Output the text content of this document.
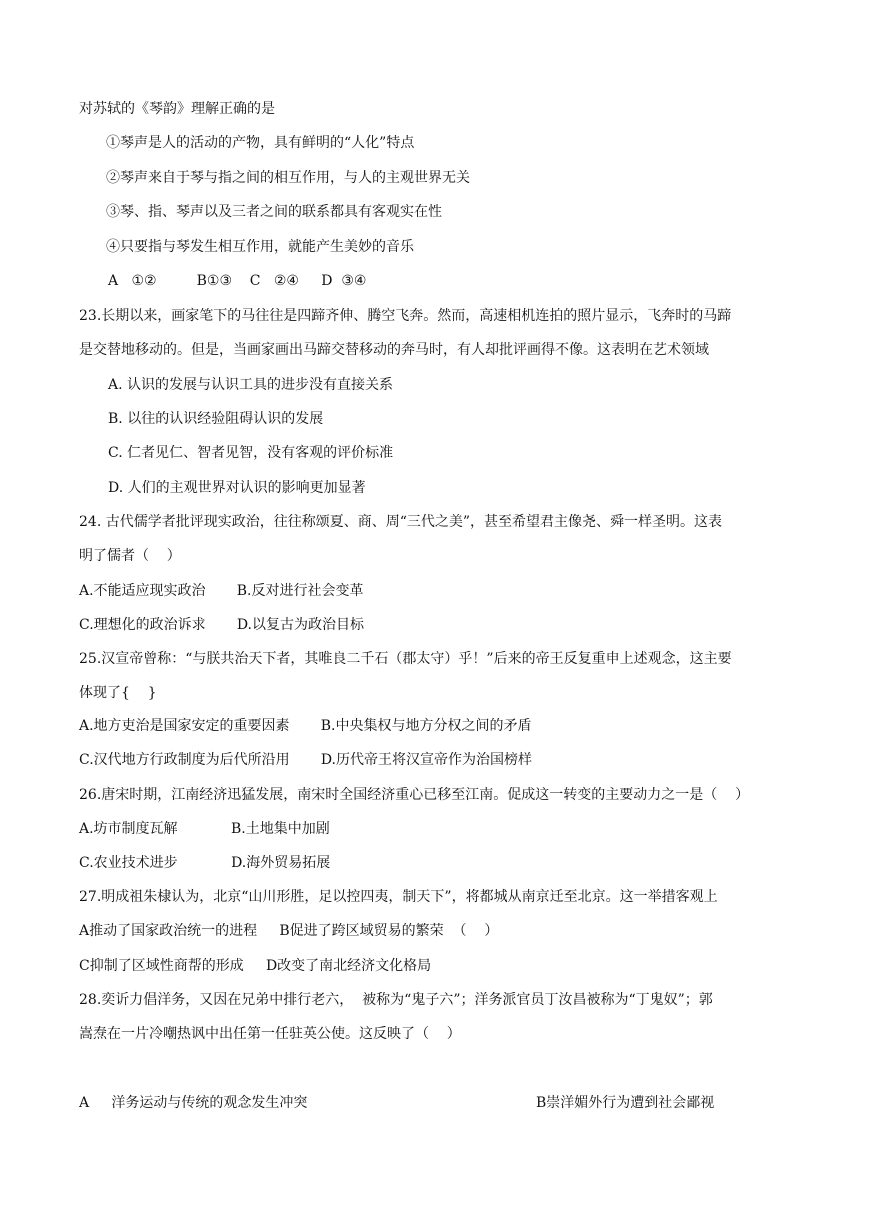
对苏轼的《琴韵》理解正确的是
①琴声是人的活动的产物，具有鲜明的“人化”特点
②琴声来自于琴与指之间的相互作用，与人的主观世界无关
③琴、指、琴声以及三者之间的联系都具有客观实在性
④只要指与琴发生相互作用，就能产生美妙的音乐
A   ①②         B①③    C   ②④     D  ③④
23.长期以来，画家笔下的马往往是四蹄齐伸、腾空飞奔。然而，高速相机连拍的照片显示，飞奔时的马蹄
是交替地移动的。但是，当画家画出马蹄交替移动的奔马时，有人却批评画得不像。这表明在艺术领域
A. 认识的发展与认识工具的进步没有直接关系
B. 以往的认识经验阻碍认识的发展
C. 仁者见仁、智者见智，没有客观的评价标准
D. 人们的主观世界对认识的影响更加显著
24. 古代儒学者批评现实政治，往往称颂夏、商、周“三代之美”，甚至希望君主像尧、舜一样圣明。这表
明了儒者（    ）
A.不能适应现实政治       B.反对进行社会变革
C.理想化的政治诉求       D.以复古为政治目标
25.汉宣帝曾称：“与朕共治天下者，其唯良二千石（郡太守）乎！”后来的帝王反复重申上述观念，这主要
体现了{    }
A.地方吏治是国家安定的重要因素       B.中央集权与地方分权之间的矛盾
C.汉代地方行政制度为后代所沿用       D.历代帝王将汉宣帝作为治国榜样
26.唐宋时期，江南经济迅猛发展，南宋时全国经济重心已移至江南。促成这一转变的主要动力之一是（    ）
A.坊市制度瓦解            B.土地集中加剧
C.农业技术进步            D.海外贸易拓展
27.明成祖朱棣认为，北京“山川形胜，足以控四夷，制天下”，将都城从南京迁至北京。这一举措客观上
A推动了国家政治统一的进程     B促进了跨区域贸易的繁荣  （    ）
C抑制了区域性商帮的形成     D改变了南北经济文化格局
28.奕䜣力倡洋务，又因在兄弟中排行老六，  被称为“鬼子六”；洋务派官员丁汝昌被称为“丁鬼奴”；郭
嵩焘在一片冷嘲热讽中出任第一任驻英公使。这反映了（    ）
A     洋务运动与传统的观念发生冲突	B崇洋媚外行为遭到社会鄙视
